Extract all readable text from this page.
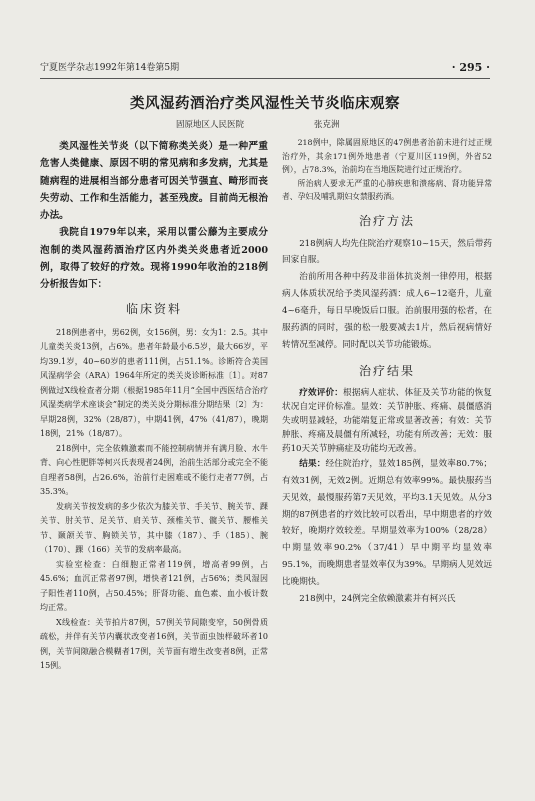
宁夏医学杂志1992年第14卷第5期	· 295 ·
类风湿药酒治疗类风湿性关节炎临床观察
固原地区人民医院	张克洲

类风湿性关节炎（以下简称类关炎）是一种严重危害人类健康、原因不明的常见病和多发病，尤其是随病程的进展相当部分患者可因关节强直、畸形而丧失劳动、工作和生活能力，甚至残废。目前尚无根治办法。

我院自1979年以来，采用以雷公藤为主要成分泡制的类风湿药酒治疗区内外类关炎患者近2000例，取得了较好的疗效。现将1990年收治的218例分析报告如下：

临床资料

218例患者中，男62例，女156例，男：女为1：2.5。其中儿童类关炎13例，占6%。患者年龄最小6.5岁，最大66岁，平均39.1岁，40~60岁的患者111例，占51.1%。诊断符合美国风湿病学会（ARA）1964年所定的类关炎诊断标准〔1〕。对87例做过X线检查者分期（根据1985年11月“全国中西医结合治疗风湿类病学术座谈会”制定的类关炎分期标准分期结果〔2〕为：早期28例，32%（28/87），中期41例，47%（41/87），晚期18例，21%（18/87）。

218例中，完全依赖激素而不能控制病情并有满月脸、水牛背、向心性肥胖等柯兴氏表现者24例，治前生活部分或完全不能自理者58例，占26.6%，治前行走困难或不能行走者77例，占35.3%。

发病关节按发病的多少依次为膝关节、手关节、腕关节、踝关节、肘关节、足关节、肩关节、颈椎关节、髋关节、腰椎关节、颞颌关节、胸锁关节，其中膝（187）、手（185）、腕（170）、踝（166）关节的发病率最高。

实验室检查：白细胞正常者119例，增高者99例，占45.6%；血沉正常者97例，增快者121例，占56%；类风湿因子阳性者110例，占50.45%；肝肾功能、血色素、血小板计数均正常。

X线检查：关节拍片87例，57例关节间隙变窄，50例骨质疏松，并伴有关节内囊状改变者16例，关节面虫蚀样破坏者10例，关节间隙融合模糊者17例，关节面有增生改变者8例，正常15例。

218例中，除属固原地区的47例患者治前未进行过正规治疗外，其余171例外地患者（宁夏川区119例，外省52例），占78.3%，治前均在当地医院进行过正规治疗。

所治病人要求无严重的心肺疾患和溃疡病、肾功能异常者、孕妇及哺乳期妇女禁服药酒。

治疗方法

218例病人均先住院治疗观察10~15天，然后带药回家自服。

治前所用各种中药及非甾体抗炎剂一律停用，根据病人体质状况给予类风湿药酒：成人6~12毫升，儿童4~6毫升，每日早晚饭后口服。治前服用强的松者，在服药酒的同时，强的松一般要减去1片，然后视病情好转情况至减停。同时配以关节功能锻炼。

治疗结果

疗效评价：根据病人症状、体征及关节功能的恢复状况自定评价标准。显效：关节肿胀、疼痛、晨僵感消失或明显减轻，功能端复正常或显著改善；有效：关节肿胀、疼痛及晨僵有所减轻，功能有所改善；无效：服药10天关节肿痛症及功能均无改善。

结果：经住院治疗，显效185例，显效率80.7%；有效31例，无效2例。近期总有效率99%。最快服药当天见效，最慢服药第7天见效，平均3.1天见效。从分3期的87例患者的疗效比较可以看出，早中期患者的疗效较好，晚期疗效较差。早期显效率为100%（28/28）中期显效率90.2%（37/41）早中期平均显效率95.1%，而晚期患者显效率仅为39%。早期病人见效远比晚期快。

218例中，24例完全依赖激素并有柯兴氏
